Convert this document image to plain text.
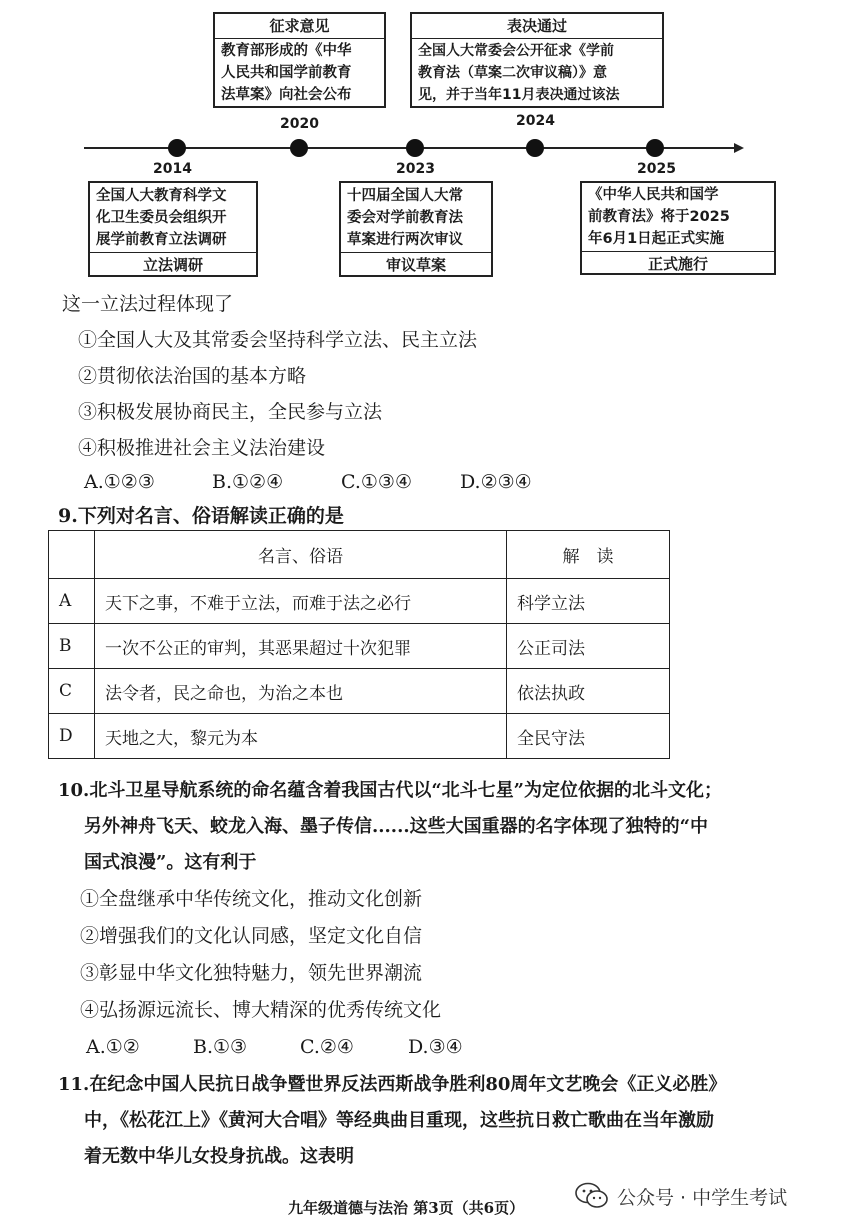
2014
2020
2023
2024
2025
征求意见
教育部形成的《中华
人民共和国学前教育
法草案》向社会公布
表决通过
全国人大常委会公开征求《学前
教育法（草案二次审议稿）》意
见，并于当年11月表决通过该法
全国人大教育科学文
化卫生委员会组织开
展学前教育立法调研
立法调研
十四届全国人大常
委会对学前教育法
草案进行两次审议
审议草案
《中华人民共和国学
前教育法》将于2025
年6月1日起正式实施
正式施行
这一立法过程体现了
①全国人大及其常委会坚持科学立法、民主立法
②贯彻依法治国的基本方略
③积极发展协商民主，全民参与立法
④积极推进社会主义法治建设
A.①②③	B.①②④	C.①③④	D.②③④
9.下列对名言、俗语解读正确的是
	名言、俗语	解　读
A	天下之事，不难于立法，而难于法之必行	科学立法
B	一次不公正的审判，其恶果超过十次犯罪	公正司法
C	法令者，民之命也，为治之本也	依法执政
D	天地之大，黎元为本	全民守法
10.北斗卫星导航系统的命名蕴含着我国古代以“北斗七星”为定位依据的北斗文化；
另外神舟飞天、蛟龙入海、墨子传信......这些大国重器的名字体现了独特的“中
国式浪漫”。这有利于
①全盘继承中华传统文化，推动文化创新
②增强我们的文化认同感，坚定文化自信
③彰显中华文化独特魅力，领先世界潮流
④弘扬源远流长、博大精深的优秀传统文化
A.①②	B.①③	C.②④	D.③④
11.在纪念中国人民抗日战争暨世界反法西斯战争胜利80周年文艺晚会《正义必胜》
中，《松花江上》《黄河大合唱》等经典曲目重现，这些抗日救亡歌曲在当年激励
着无数中华儿女投身抗战。这表明
九年级道德与法治 第3页（共6页）	公众号 · 中学生考试
